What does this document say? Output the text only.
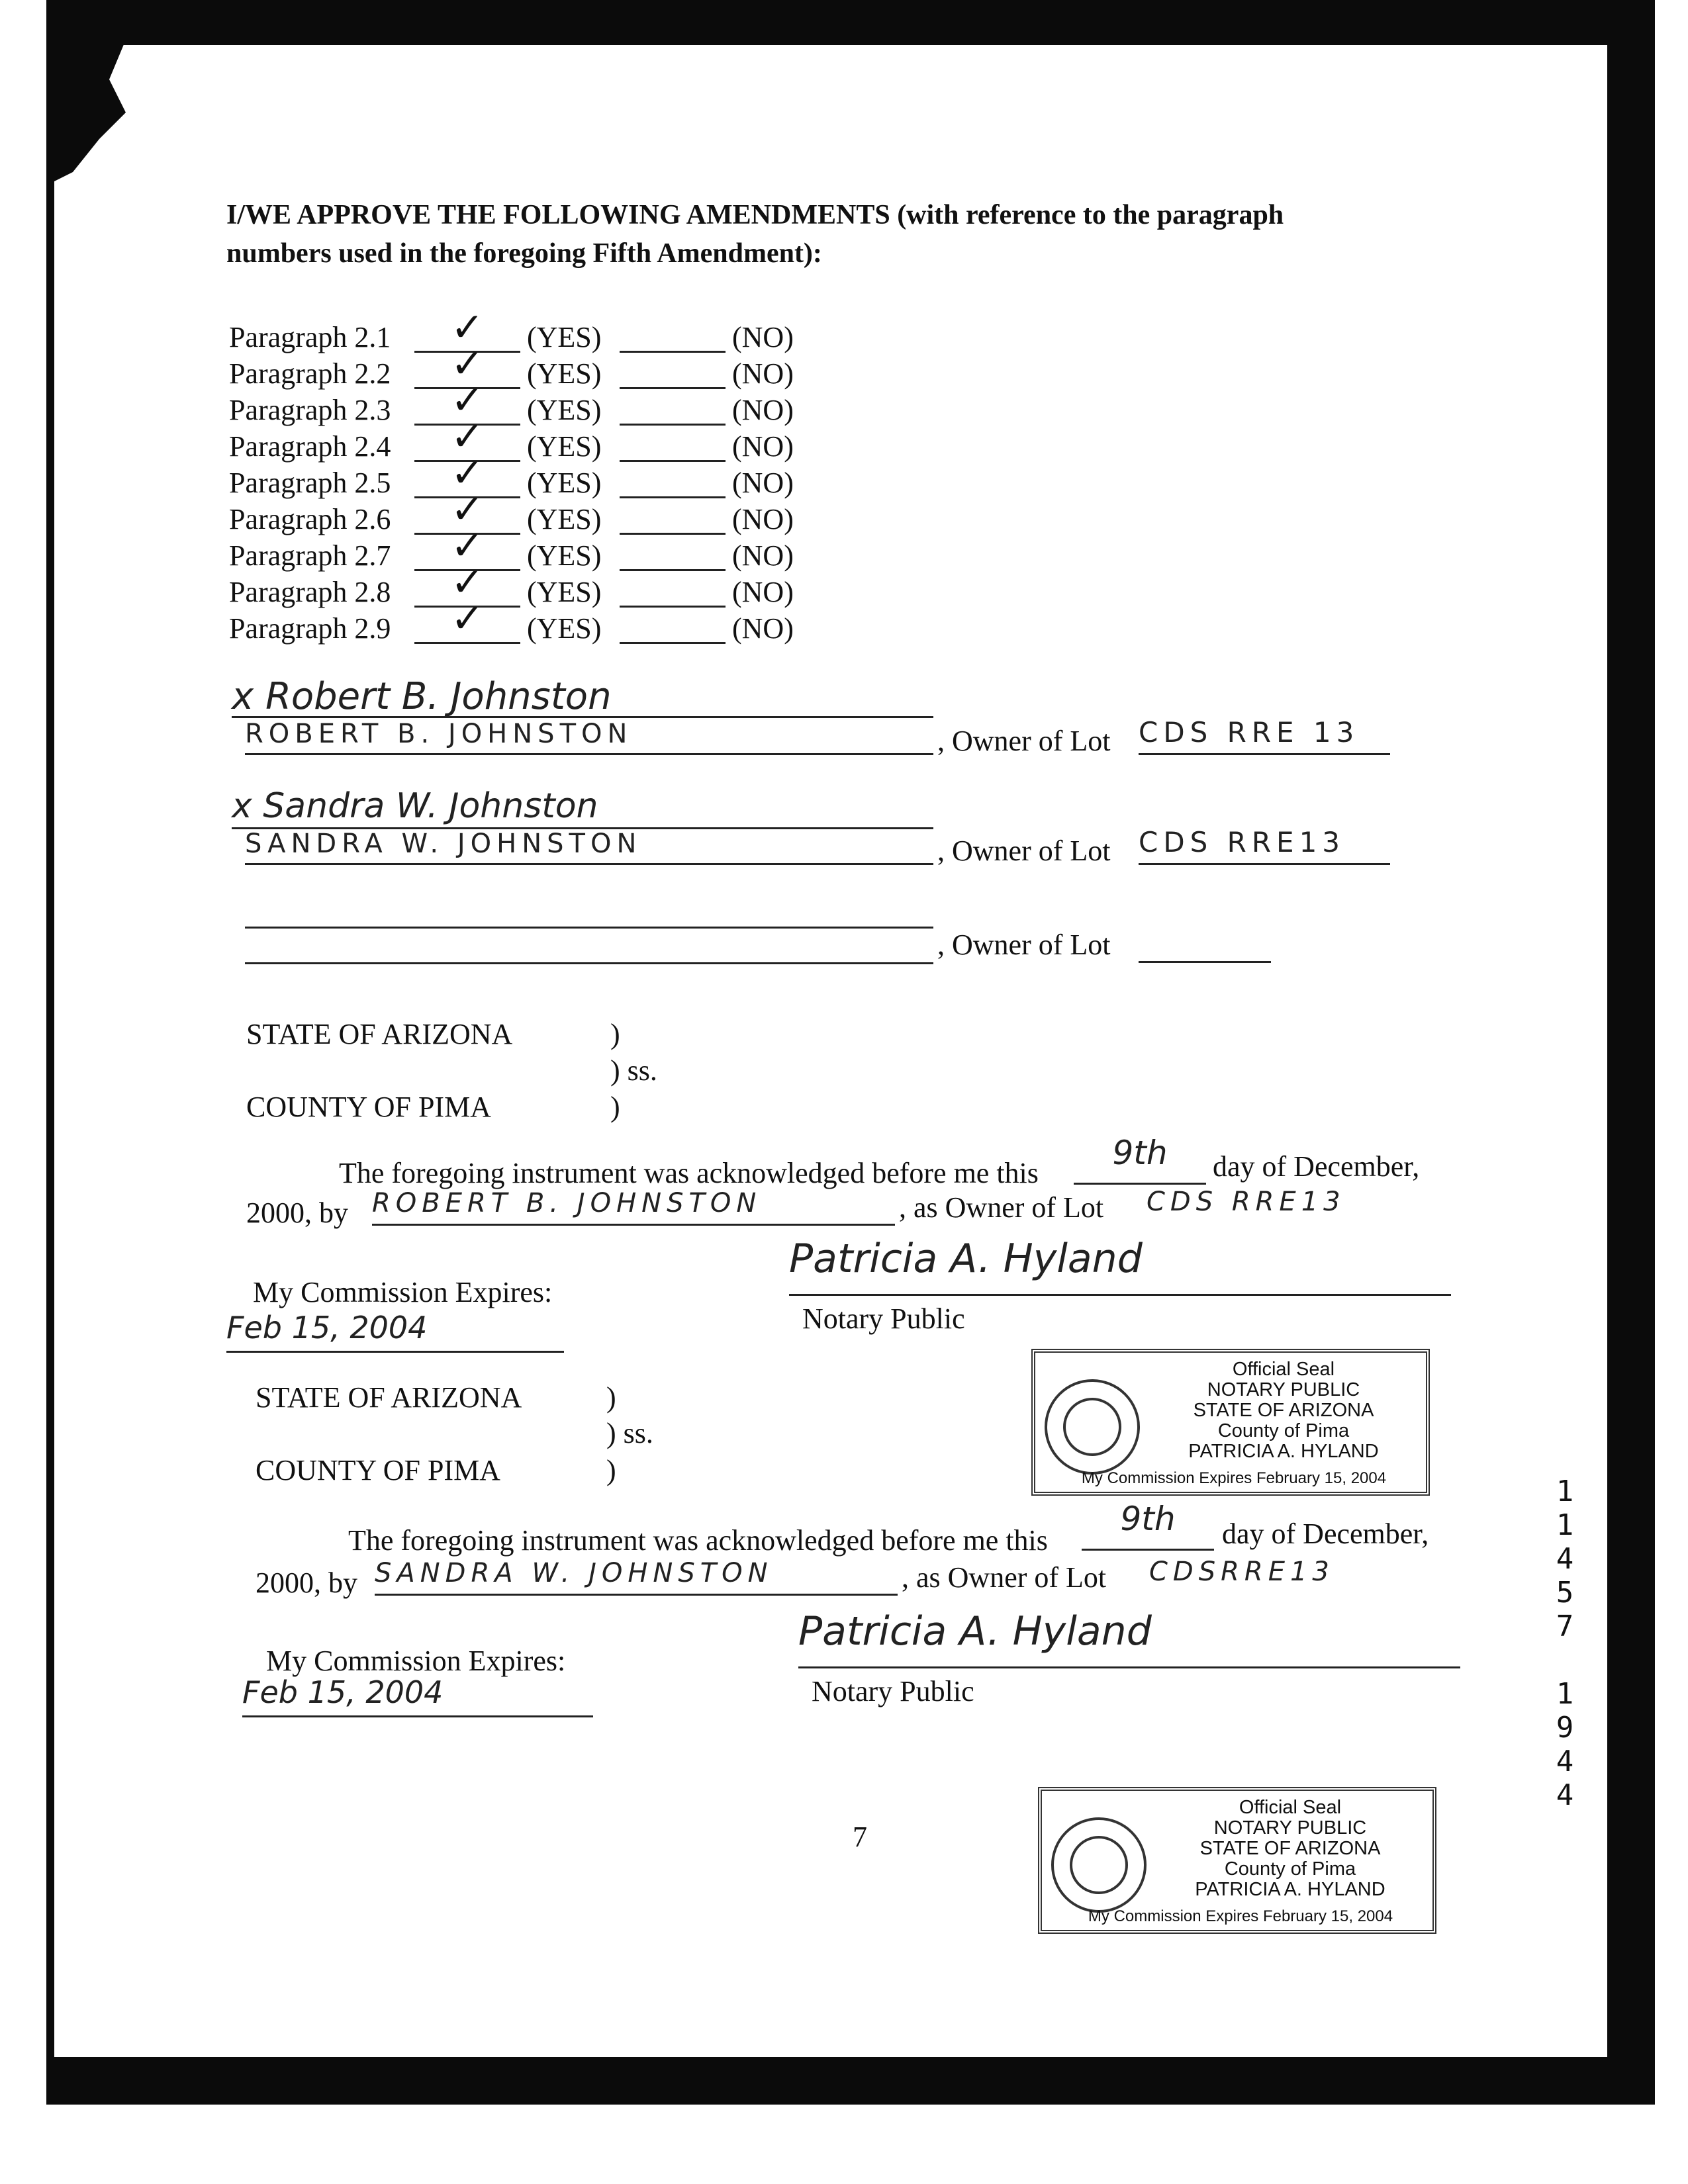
I/WE APPROVE THE FOLLOWING AMENDMENTS (with reference to the paragraph
numbers used in the foregoing Fifth Amendment):
Paragraph 2.1	✓	(YES)	(NO)
Paragraph 2.2	✓	(YES)	(NO)
Paragraph 2.3	✓	(YES)	(NO)
Paragraph 2.4	✓	(YES)	(NO)
Paragraph 2.5	✓	(YES)	(NO)
Paragraph 2.6	✓	(YES)	(NO)
Paragraph 2.7	✓	(YES)	(NO)
Paragraph 2.8	✓	(YES)	(NO)
Paragraph 2.9	✓	(YES)	(NO)
x Robert B. Johnston
ROBERT B. JOHNSTON	, Owner of Lot CDS RRE 13
x Sandra W. Johnston
SANDRA W. JOHNSTON	, Owner of Lot CDS RRE13
, Owner of Lot
STATE OF ARIZONA	)
) ss.
COUNTY OF PIMA	)
The foregoing instrument was acknowledged before me this
9th	day of December,
2000, by ROBERT B. JOHNSTON	, as Owner of Lot CDS RRE13
My Commission Expires:
Feb 15, 2004
Patricia A. Hyland
Notary Public
Official Seal
NOTARY PUBLIC
STATE OF ARIZONA
County of Pima
PATRICIA A. HYLAND
My Commission Expires February 15, 2004
STATE OF ARIZONA	)
) ss.
COUNTY OF PIMA	)
The foregoing instrument was acknowledged before me this
9th	day of December,
2000, by SANDRA W. JOHNSTON	, as Owner of Lot CDSRRE13
My Commission Expires:
Feb 15, 2004
Patricia A. Hyland
Notary Public
Official Seal
NOTARY PUBLIC
STATE OF ARIZONA
County of Pima
PATRICIA A. HYLAND
My Commission Expires February 15, 2004
7
1
1
4
5
7
1
9
4
4
